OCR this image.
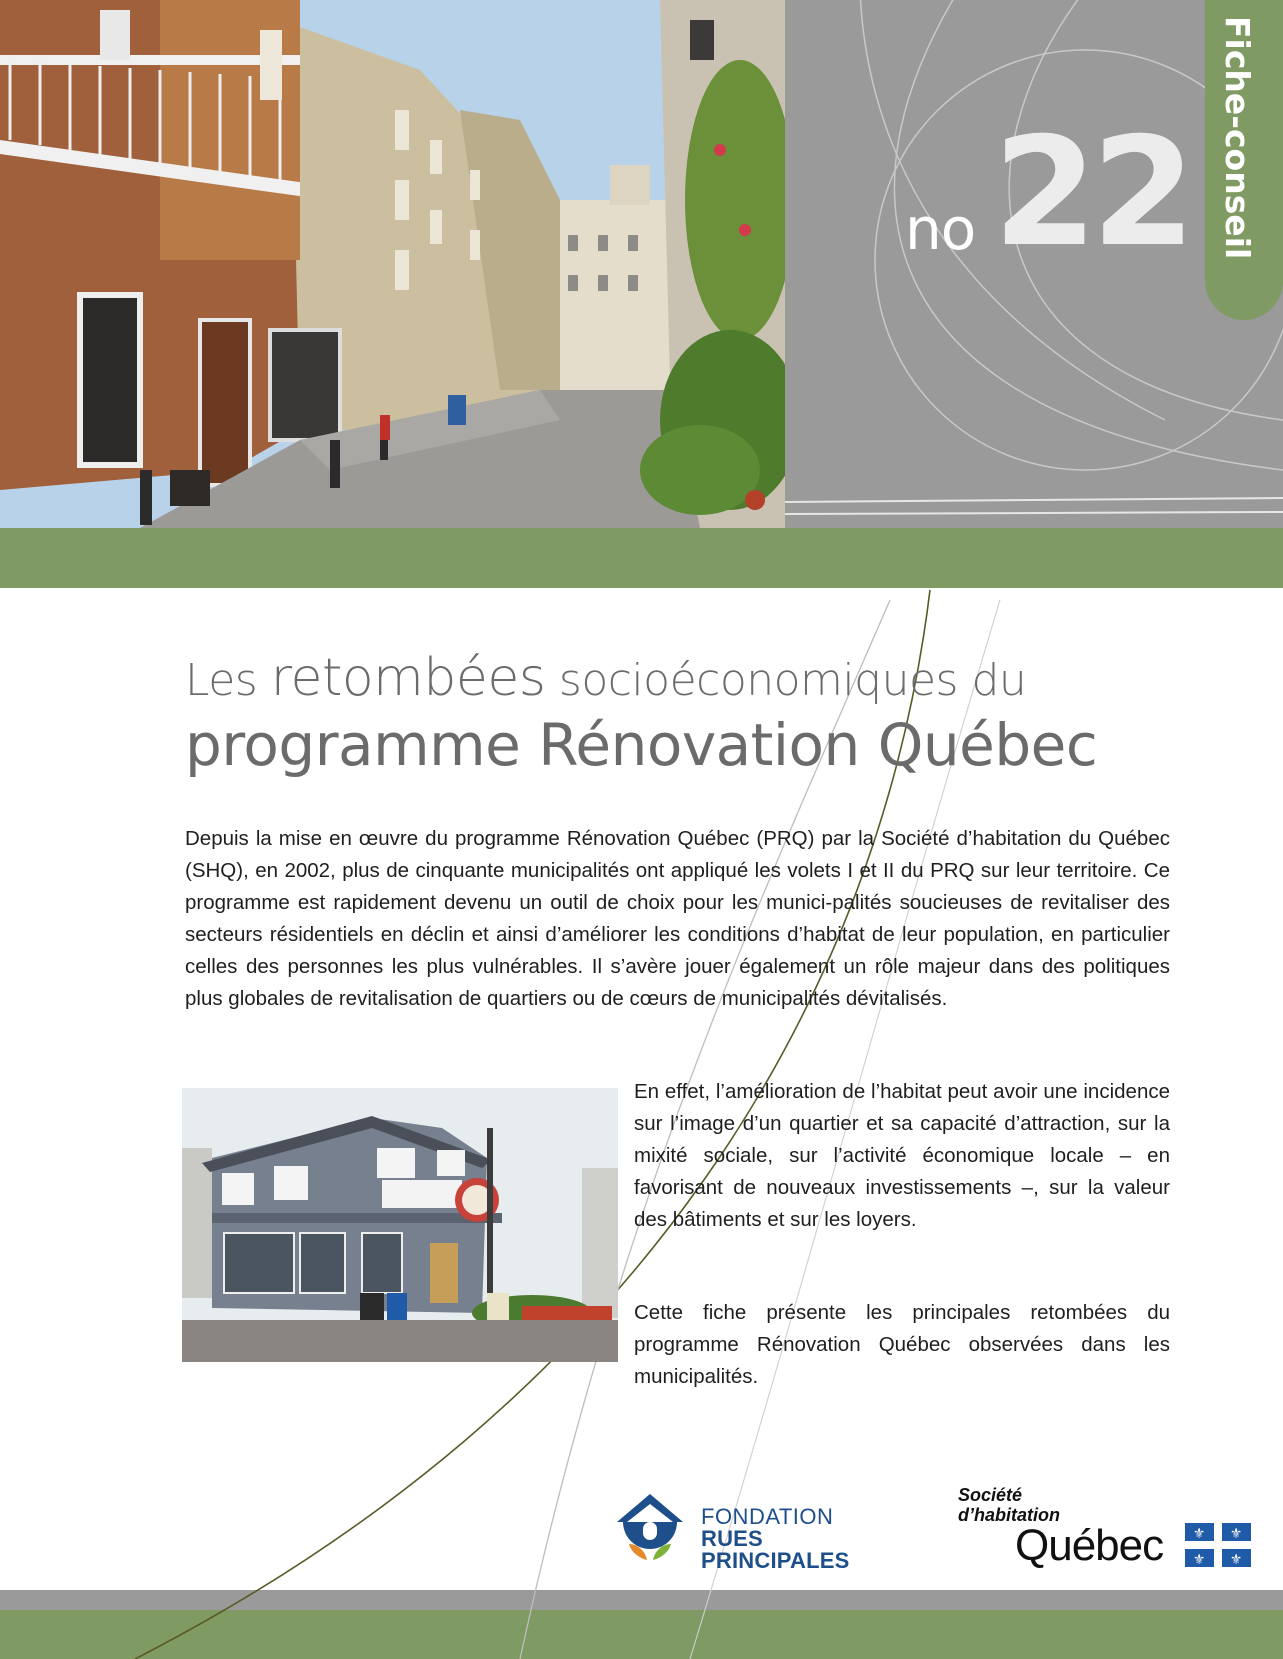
no 22 Fiche-conseil
Les retombées socioéconomiques du
programme Rénovation Québec

Depuis la mise en œuvre du programme Rénovation Québec (PRQ) par la Société d’habitation du Québec (SHQ), en 2002, plus de cinquante municipalités ont appliqué les volets I et II du PRQ sur leur territoire. Ce programme est rapidement devenu un outil de choix pour les munici-palités soucieuses de revitaliser des secteurs résidentiels en déclin et ainsi d’améliorer les conditions d’habitat de leur population, en particulier celles des personnes les plus vulnérables. Il s’avère jouer également un rôle majeur dans des politiques plus globales de revitalisation de quartiers ou de cœurs de municipalités dévitalisés.

En effet, l’amélioration de l’habitat peut avoir une incidence sur l’image d’un quartier et sa capacité d’attraction, sur la mixité sociale, sur l’activité économique locale – en favorisant de nouveaux investissements –, sur la valeur des bâtiments et sur les loyers.

Cette fiche présente les principales retombées du programme Rénovation Québec observées dans les municipalités.

FONDATION
RUES PRINCIPALES
Société
d’habitation
Québec ⚜ ⚜
⚜ ⚜
